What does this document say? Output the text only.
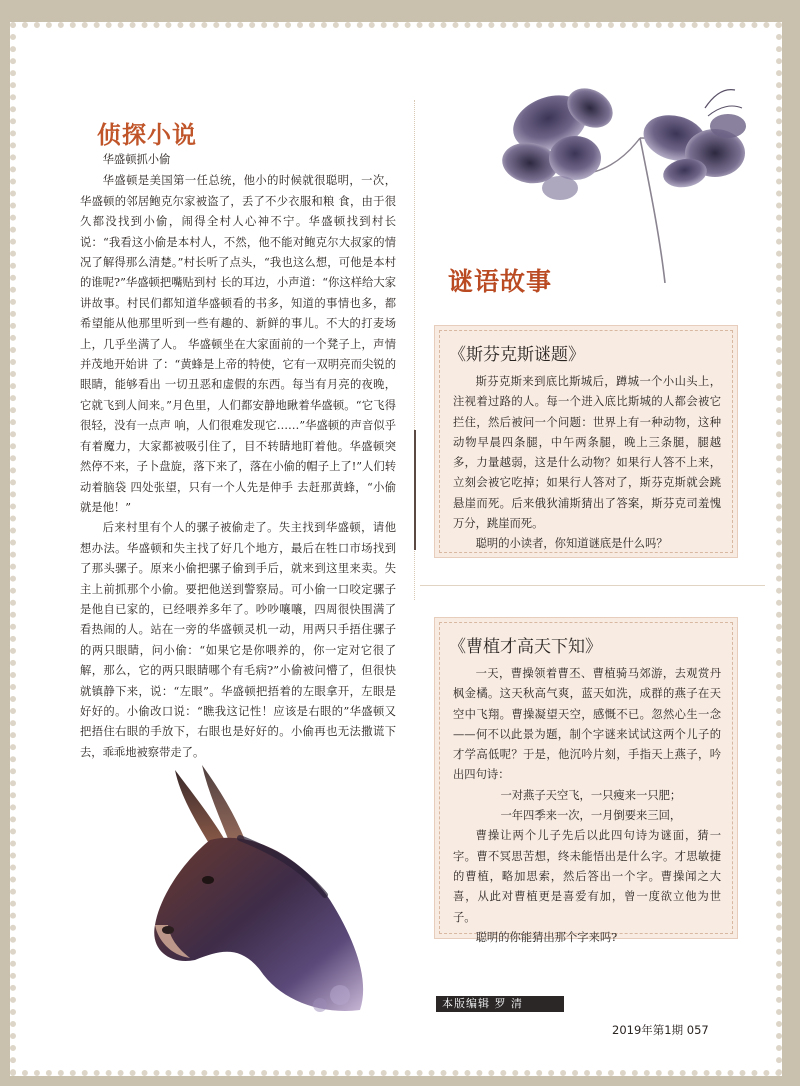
侦探小说

华盛顿抓小偷

华盛顿是美国第一任总统，他小的时候就很聪明，一次，华盛顿的邻居鲍克尔家被盗了，丢了不少衣服和粮 食，由于很久都没找到小偷，闹得全村人心神不宁。华盛顿找到村长说：“我看这小偷是本村人，不然，他不能对鲍克尔大叔家的情况了解得那么清楚。”村长听了点头，“我也这么想，可他是本村的谁呢?”华盛顿把嘴贴到村 长的耳边，小声道：“你这样给大家讲故事。村民们都知道华盛顿看的书多，知道的事情也多，都希望能从他那里听到一些有趣的、新鲜的事儿。不大的打麦场上，几乎坐满了人。 华盛顿坐在大家面前的一个凳子上，声情并茂地开始讲 了：“黄蜂是上帝的特使，它有一双明亮而尖锐的眼睛，能够看出 一切丑恶和虚假的东西。每当有月亮的夜晚，它就飞到人间来。”月色里，人们都安静地瞅着华盛顿。“它飞得很轻，没有一点声 响，人们很难发现它……”华盛顿的声音似乎有着魔力，大家都被吸引住了，目不转睛地盯着他。华盛顿突然停不来，子卜盘旋，落下来了，落在小偷的帽子上了!”人们转动着脑袋 四处张望，只有一个人先是伸手 去赶那黄蜂，“小偷就是他！”

后来村里有个人的骡子被偷走了。失主找到华盛顿，请他想办法。华盛顿和失主找了好几个地方，最后在牲口市场找到了那头骡子。原来小偷把骡子偷到手后，就来到这里来卖。失主上前抓那个小偷。要把他送到警察局。可小偷一口咬定骡子是他自已家的，已经喂养多年了。吵吵嚷嚷，四周很快围满了看热闹的人。站在一旁的华盛顿灵机一动，用两只手捂住骡子的两只眼睛，问小偷：“如果它是你喂养的，你一定对它很了解，那么，它的两只眼睛哪个有毛病?”小偷被问懵了，但很快就镇静下来，说：“左眼”。华盛顿把捂着的左眼拿开，左眼是好好的。小偷改口说：“瞧我这记性！应该是右眼的”华盛顿又把捂住右眼的手放下，右眼也是好好的。小偷再也无法撒谎下去，乖乖地被察带走了。

谜语故事
《斯芬克斯谜题》

斯芬克斯来到底比斯城后，蹲城一个小山头上，注视着过路的人。每一个进入底比斯城的人都会被它拦住，然后被问一个问题：世界上有一种动物，这种动物早晨四条腿，中午两条腿，晚上三条腿，腿越多，力量越弱，这是什么动物？如果行人答不上来，立刻会被它吃掉；如果行人答对了，斯芬克斯就会跳悬崖而死。后来俄狄浦斯猜出了答案，斯芬克司羞愧万分，跳崖而死。

聪明的小读者，你知道谜底是什么吗？

《曹植才高天下知》

一天，曹操领着曹丕、曹植骑马郊游，去观赏丹枫金橘。这天秋高气爽，蓝天如洗，成群的燕子在天空中飞翔。曹操凝望天空，感慨不已。忽然心生一念——何不以此景为题，制个字谜来试试这两个儿子的才学高低呢？于是，他沉吟片刻，手指天上燕子，吟出四句诗：

一对燕子天空飞，一只瘦来一只肥；

一年四季来一次，一月倒要来三回，

曹操让两个儿子先后以此四句诗为谜面，猜一字。曹不冥思苦想，终未能悟出是什么字。才思敏捷的曹植，略加思索，然后答出一个字。曹操闻之大喜，从此对曹植更是喜爱有加，曾一度欲立他为世子。

聪明的你能猜出那个字来吗?

本版编辑 罗 清
2019年第1期 057
